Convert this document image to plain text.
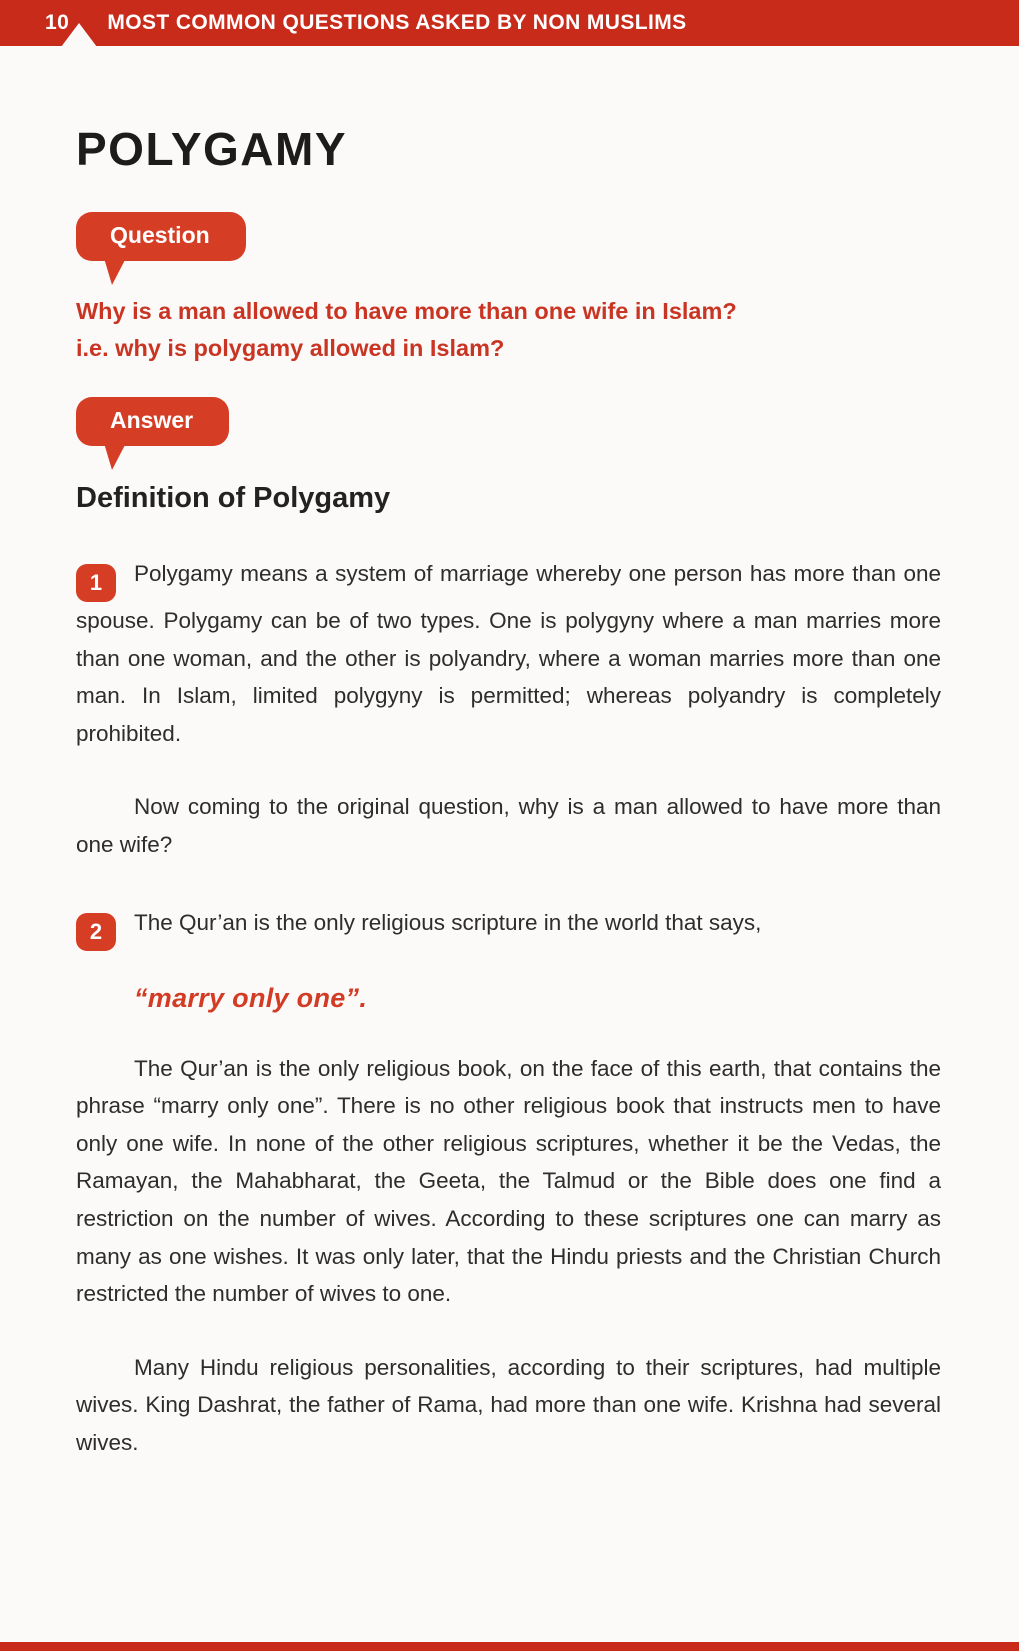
10 MOST COMMON QUESTIONS ASKED BY NON MUSLIMS
POLYGAMY
Question
Why is a man allowed to have more than one wife in Islam?
i.e. why is polygamy allowed in Islam?
Answer
Definition of Polygamy

1 Polygamy means a system of marriage whereby one person has more than one spouse. Polygamy can be of two types. One is polygyny where a man marries more than one woman, and the other is polyandry, where a woman marries more than one man. In Islam, limited polygyny is permitted; whereas polyandry is completely prohibited.

Now coming to the original question, why is a man allowed to have more than one wife?

2 The Qur’an is the only religious scripture in the world that says,

“marry only one”.

The Qur’an is the only religious book, on the face of this earth, that contains the phrase “marry only one”. There is no other religious book that instructs men to have only one wife. In none of the other religious scriptures, whether it be the Vedas, the Ramayan, the Mahabharat, the Geeta, the Talmud or the Bible does one find a restriction on the number of wives. According to these scriptures one can marry as many as one wishes. It was only later, that the Hindu priests and the Christian Church restricted the number of wives to one.

Many Hindu religious personalities, according to their scriptures, had multiple wives. King Dashrat, the father of Rama, had more than one wife. Krishna had several wives.
